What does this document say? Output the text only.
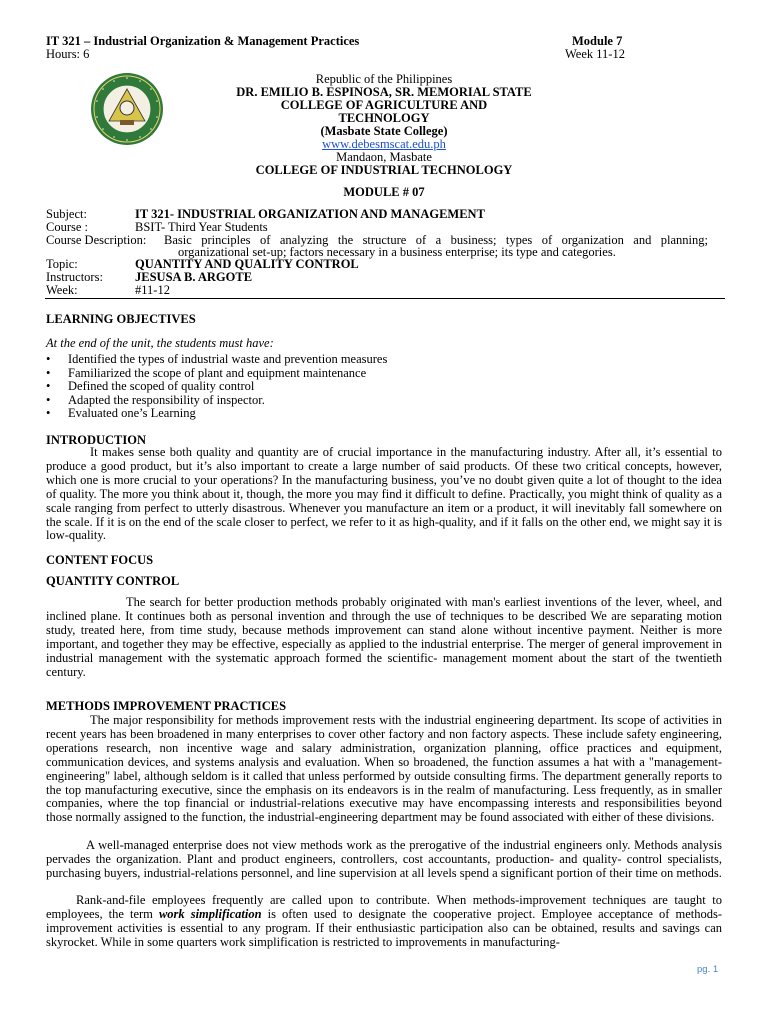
IT 321 – Industrial Organization & Management Practices	Module 7
Hours: 6	Week 11-12
Republic of the Philippines
DR. EMILIO B. ESPINOSA, SR. MEMORIAL STATE
COLLEGE OF AGRICULTURE AND
TECHNOLOGY
(Masbate State College)
www.debesmscat.edu.ph
Mandaon, Masbate
COLLEGE OF INDUSTRIAL TECHNOLOGY
MODULE # 07
Subject:	IT 321- INDUSTRIAL ORGANIZATION AND MANAGEMENT
Course :	BSIT- Third Year Students
Course Description: Basic principles of analyzing the structure of a business; types of organization and planning;
organizational set-up; factors necessary in a business enterprise; its type and categories.
Topic:	QUANTITY AND QUALITY CONTROL
Instructors:	JESUSA B. ARGOTE
Week:	#11-12
LEARNING OBJECTIVES
At the end of the unit, the students must have:
• Identified the types of industrial waste and prevention measures
• Familiarized the scope of plant and equipment maintenance
• Defined the scoped of quality control
• Adapted the responsibility of inspector.
• Evaluated one’s Learning
INTRODUCTION
It makes sense both quality and quantity are of crucial importance in the manufacturing industry. After all, it’s essential to produce a good product, but it’s also important to create a large number of said products. Of these two critical concepts, however, which one is more crucial to your operations? In the manufacturing business, you’ve no doubt given quite a lot of thought to the idea of quality. The more you think about it, though, the more you may find it difficult to define. Practically, you might think of quality as a scale ranging from perfect to utterly disastrous. Whenever you manufacture an item or a product, it will inevitably fall somewhere on the scale. If it is on the end of the scale closer to perfect, we refer to it as high-quality, and if it falls on the other end, we might say it is low-quality.
CONTENT FOCUS
QUANTITY CONTROL
The search for better production methods probably originated with man's earliest inventions of the lever, wheel, and inclined plane. It continues both as personal invention and through the use of techniques to be described We are separating motion study, treated here, from time study, because methods improvement can stand alone without incentive payment. Neither is more important, and together they may be effective, especially as applied to the industrial enterprise. The merger of general improvement in industrial management with the systematic approach formed the scientific- management moment about the start of the twentieth century.
METHODS IMPROVEMENT PRACTICES
The major responsibility for methods improvement rests with the industrial engineering department. Its scope of activities in recent years has been broadened in many enterprises to cover other factory and non factory aspects. These include safety engineering, operations research, non incentive wage and salary administration, organization planning, office practices and equipment, communication devices, and systems analysis and evaluation. When so broadened, the function assumes a hat with a "management-engineering" label, although seldom is it called that unless performed by outside consulting firms. The department generally reports to the top manufacturing executive, since the emphasis on its endeavors is in the realm of manufacturing. Less frequently, as in smaller companies, where the top financial or industrial-relations executive may have encompassing interests and responsibilities beyond those normally assigned to the function, the industrial-engineering department may be found associated with either of these divisions.
A well-managed enterprise does not view methods work as the prerogative of the industrial engineers only. Methods analysis pervades the organization. Plant and product engineers, controllers, cost accountants, production- and quality- control specialists, purchasing buyers, industrial-relations personnel, and line supervision at all levels spend a significant portion of their time on methods.
Rank-and-file employees frequently are called upon to contribute. When methods-improvement techniques are taught to employees, the term work simplification is often used to designate the cooperative project. Employee acceptance of methods-improvement activities is essential to any program. If their enthusiastic participation also can be obtained, results and savings can skyrocket. While in some quarters work simplification is restricted to improvements in manufacturing-
pg. 1
